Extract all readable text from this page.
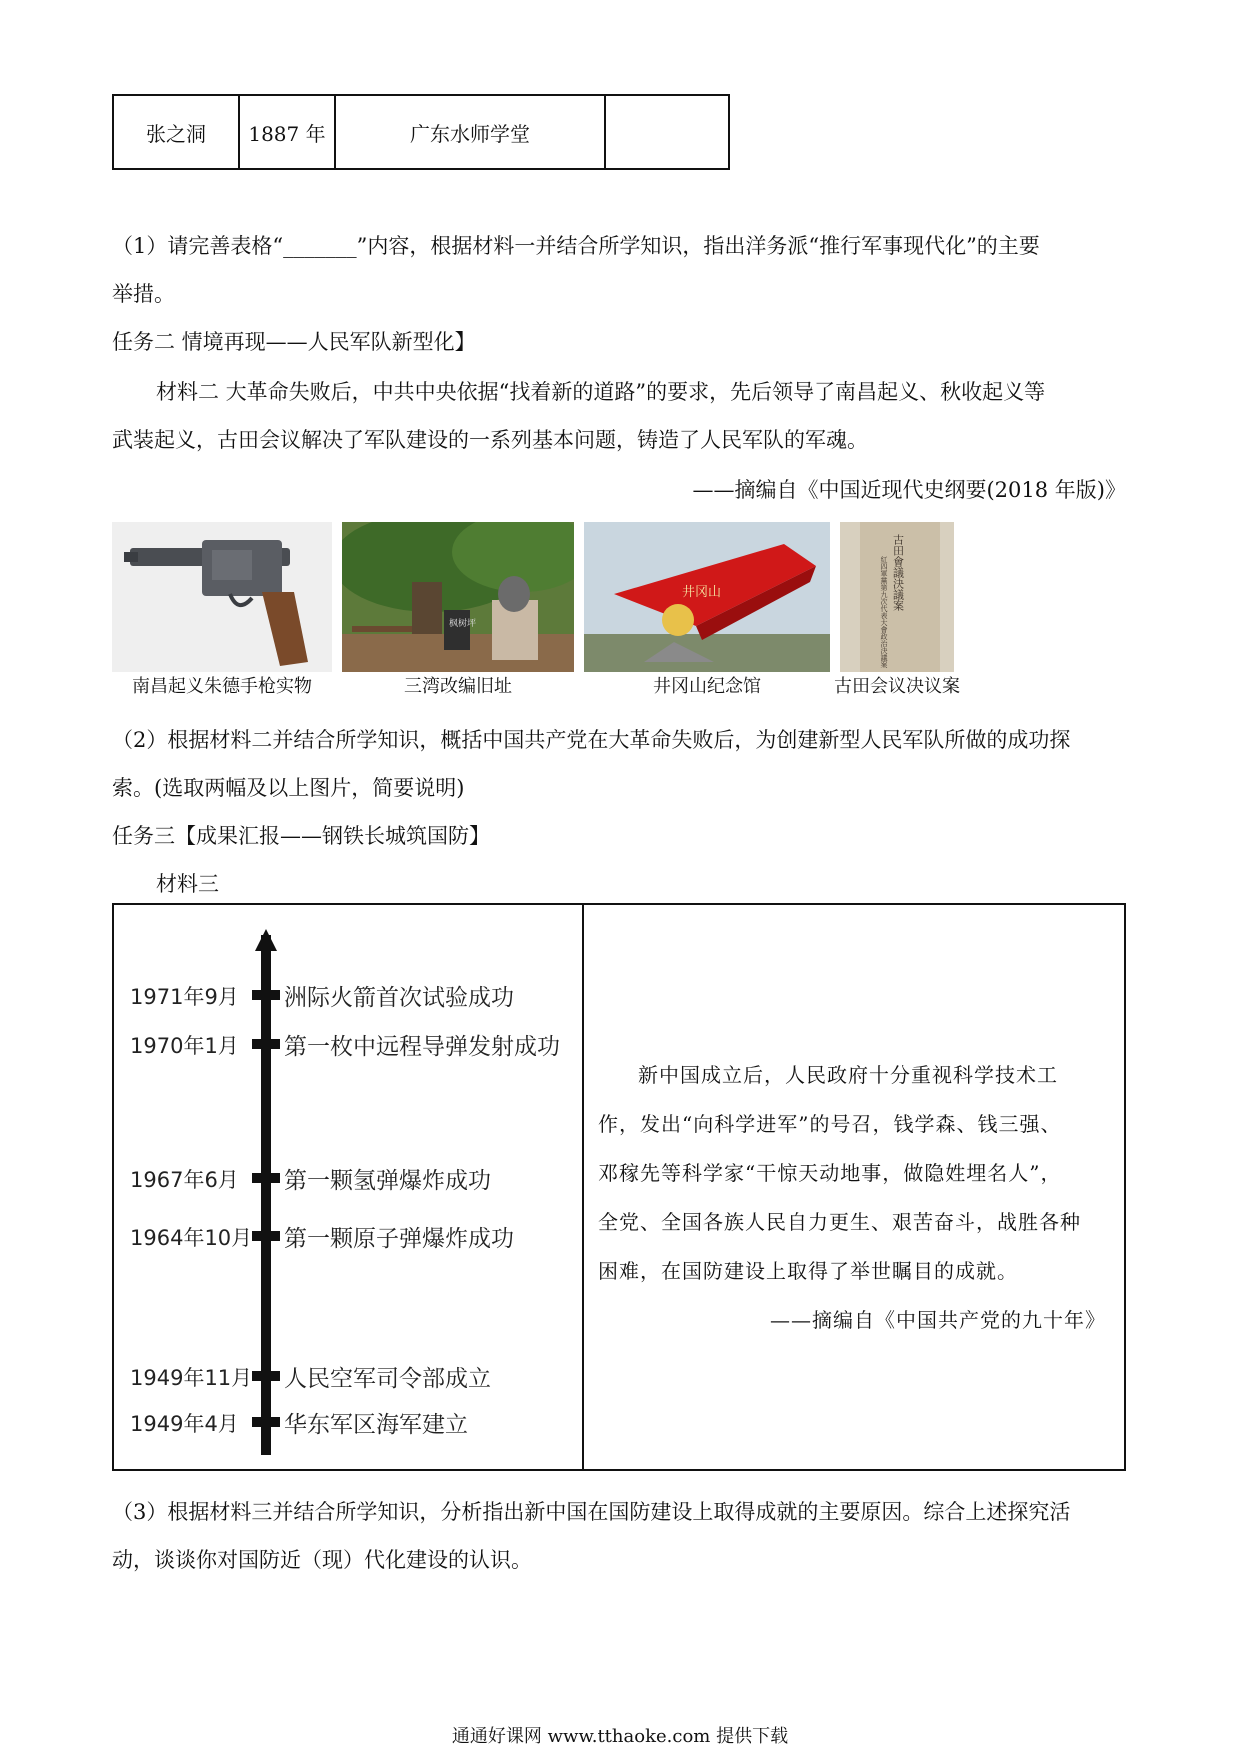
张之洞	1887 年	广东水师学堂	
（1）请完善表格“_______”内容，根据材料一并结合所学知识，指出洋务派“推行军事现代化”的主要
举措。
任务二 情境再现——人民军队新型化】
材料二 大革命失败后，中共中央依据“找着新的道路”的要求，先后领导了南昌起义、秋收起义等
武装起义，古田会议解决了军队建设的一系列基本问题，铸造了人民军队的军魂。
——摘编自《中国近现代史纲要(2018 年版)》
枫树坪
井冈山	古田會議決議案
紅四軍黨第九次代表大會政治決議案
南昌起义朱德手枪实物	三湾改编旧址	井冈山纪念馆	古田会议决议案
（2）根据材料二并结合所学知识，概括中国共产党在大革命失败后，为创建新型人民军队所做的成功探
索。(选取两幅及以上图片，简要说明)
任务三【成果汇报——钢铁长城筑国防】
材料三
1971年9月 洲际火箭首次试验成功
1970年1月 第一枚中远程导弹发射成功
1967年6月 第一颗氢弹爆炸成功
1964年10月 第一颗原子弹爆炸成功
1949年11月 人民空军司令部成立
1949年4月 华东军区海军建立
新中国成立后，人民政府十分重视科学技术工
作，发出“向科学进军”的号召，钱学森、钱三强、
邓稼先等科学家“干惊天动地事，做隐姓埋名人”，
全党、全国各族人民自力更生、艰苦奋斗，战胜各种
困难，在国防建设上取得了举世瞩目的成就。
——摘编自《中国共产党的九十年》
（3）根据材料三并结合所学知识，分析指出新中国在国防建设上取得成就的主要原因。综合上述探究活
动，谈谈你对国防近（现）代化建设的认识。
通通好课网 www.tthaoke.com 提供下载
